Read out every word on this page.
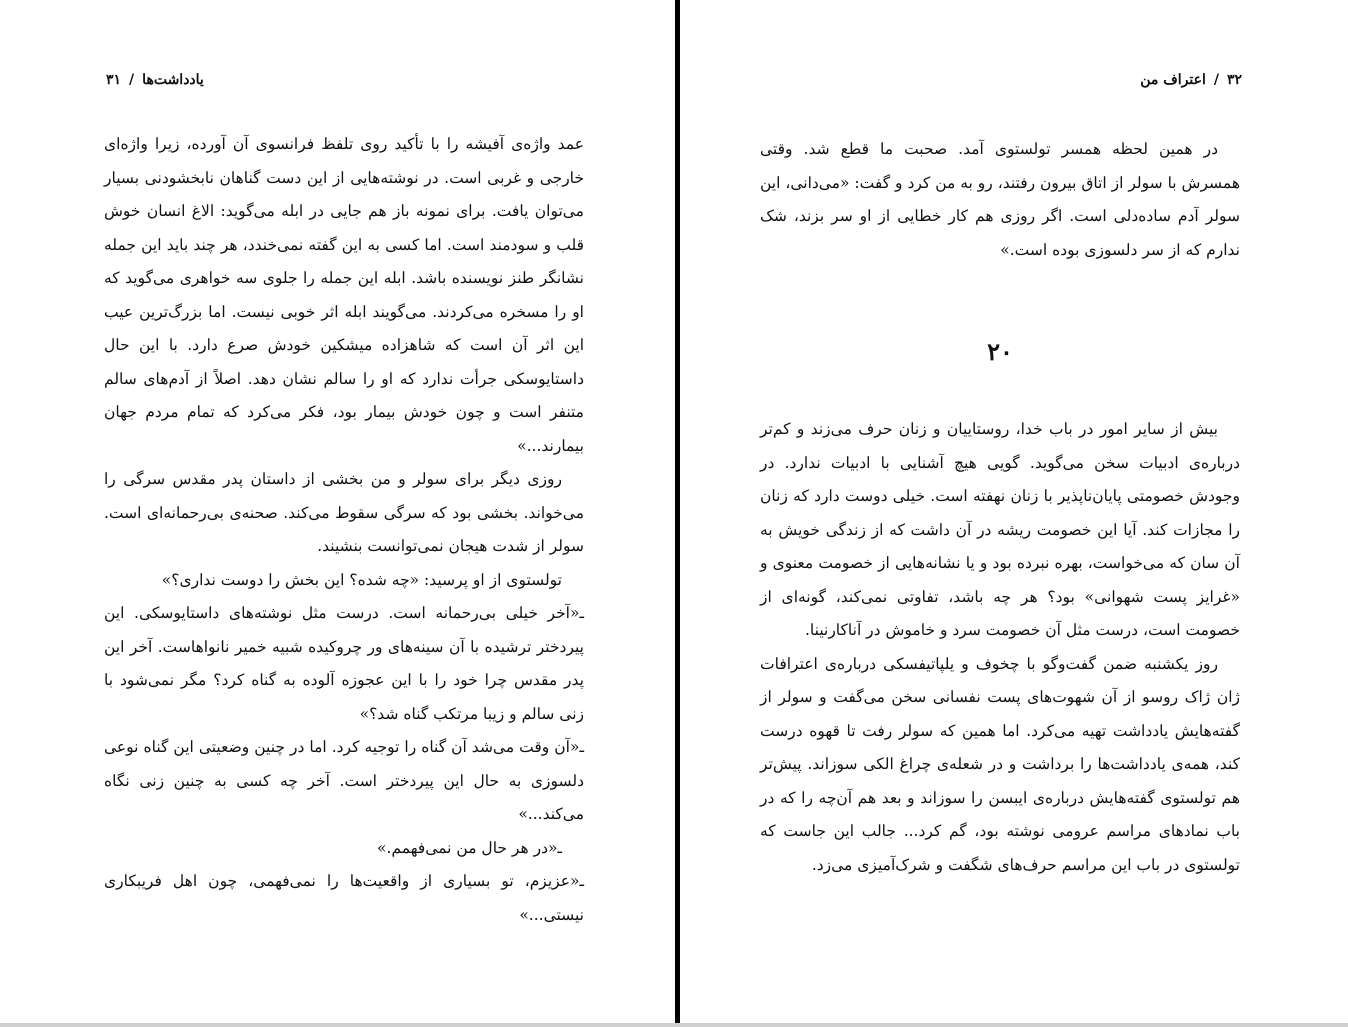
یادداشت‌ها/۳۱

عمد واژه‌ی آفیشه را با تأکید روی تلفظ فرانسوی آن آورده، زیرا واژه‌ای خارجی و غربی است. در نوشته‌هایی از این دست گناهان نابخشودنی بسیار می‌توان یافت. برای نمونه باز هم جایی در ابله می‌گوید: الاغ انسان خوش قلب و سودمند است. اما کسی به این گفته نمی‌خندد، هر چند باید این جمله نشانگر طنز نویسنده باشد. ابله این جمله را جلوی سه خواهری می‌گوید که او را مسخره می‌کردند. می‌گویند ابله اثر خوبی نیست. اما بزرگ‌ترین عیب این اثر آن است که شاهزاده میشکین خودش صرع دارد. با این حال داستایوسکی جرأت ندارد که او را سالم نشان دهد. اصلاً از آدم‌های سالم متنفر است و چون خودش بیمار بود، فکر می‌کرد که تمام مردم جهان بیمارند...»

روزی دیگر برای سولر و من بخشی از داستان پدر مقدس سرگی را می‌خواند. بخشی بود که سرگی سقوط می‌کند. صحنه‌ی بی‌رحمانه‌ای است. سولر از شدت هیجان نمی‌توانست بنشیند.

تولستوی از او پرسید: «چه شده؟ این بخش را دوست نداری؟»

ـ«آخر خیلی بی‌رحمانه است. درست مثل نوشته‌های داستایوسکی. این پیردختر ترشیده با آن سینه‌های ور چروکیده شبیه خمیر نانواهاست. آخر این پدر مقدس چرا خود را با این عجوزه آلوده به گناه کرد؟ مگر نمی‌شود با زنی سالم و زیبا مرتکب گناه شد؟»

ـ«آن وقت می‌شد آن گناه را توجیه کرد. اما در چنین وضعیتی این گناه نوعی دلسوزی به حال این پیردختر است. آخر چه کسی به چنین زنی نگاه می‌کند...»

ـ«در هر حال من نمی‌فهمم.»

ـ«عزیزم، تو بسیاری از واقعیت‌ها را نمی‌فهمی، چون اهل فریبکاری نیستی...»

۳۲/اعتراف من

در همین لحظه همسر تولستوی آمد. صحبت ما قطع شد. وقتی همسرش با سولر از اتاق بیرون رفتند، رو به من کرد و گفت: «می‌دانی، این سولر آدم ساده‌دلی است. اگر روزی هم کار خطایی از او سر بزند، شک ندارم که از سر دلسوزی بوده است.»

۲۰

بیش از سایر امور در باب خدا، روستاییان و زنان حرف می‌زند و کم‌تر درباره‌ی ادبیات سخن می‌گوید. گویی هیچ آشنایی با ادبیات ندارد. در وجودش خصومتی پایان‌ناپذیر با زنان نهفته است. خیلی دوست دارد که زنان را مجازات کند. آیا این خصومت ریشه در آن داشت که از زندگی خویش به آن سان که می‌خواست، بهره نبرده بود و یا نشانه‌هایی از خصومت معنوی و «غرایز پست شهوانی» بود؟ هر چه باشد، تفاوتی نمی‌کند، گونه‌ای از خصومت است، درست مثل آن خصومت سرد و خاموش در آناکارنینا.

روز یکشنبه ضمن گفت‌وگو با چخوف و یلپاتیفسکی درباره‌ی اعترافات ژان ژاک روسو از آن شهوت‌های پست نفسانی سخن می‌گفت و سولر از گفته‌هایش یادداشت تهیه می‌کرد. اما همین که سولر رفت تا قهوه درست کند، همه‌ی یادداشت‌ها را برداشت و در شعله‌ی چراغ الکی سوزاند. پیش‌تر هم تولستوی گفته‌هایش درباره‌ی ایبسن را سوزاند و بعد هم آن‌چه را که در باب نمادهای مراسم عرومی نوشته بود، گم کرد... جالب این جاست که تولستوی در باب این مراسم حرف‌های شگفت و شرک‌آمیزی می‌زد.
